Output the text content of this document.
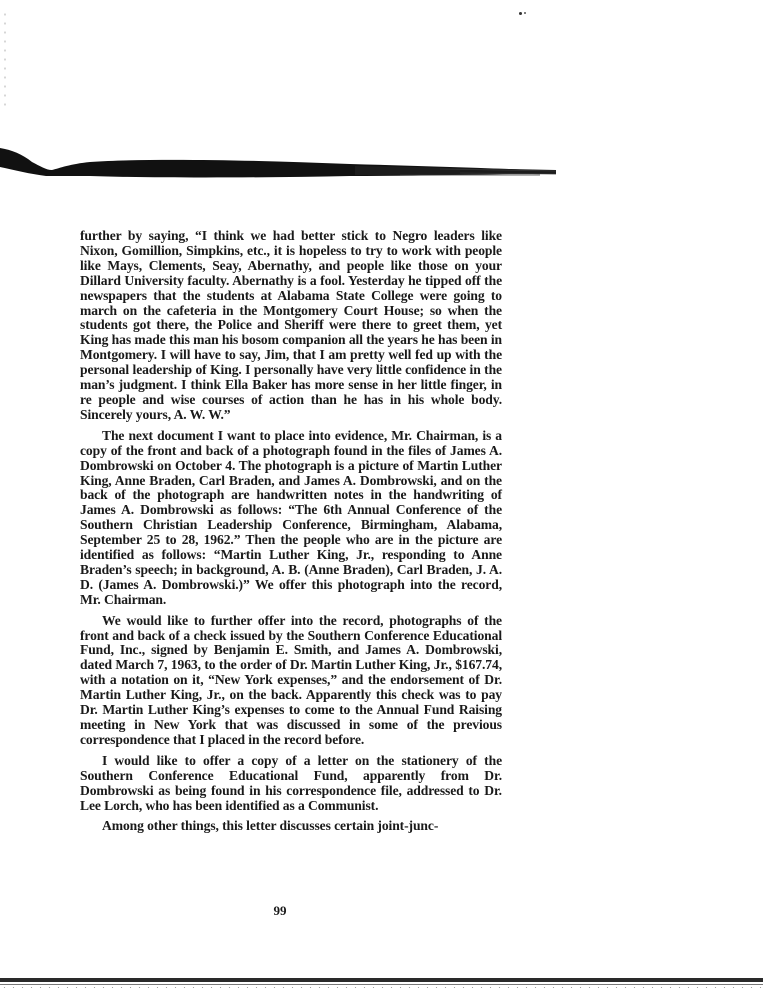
further by saying, “I think we had better stick to Negro leaders like Nixon, Gomillion, Simpkins, etc., it is hopeless to try to work with people like Mays, Clements, Seay, Abernathy, and people like those on your Dillard University faculty. Abernathy is a fool. Yesterday he tipped off the newspapers that the students at Alabama State College were going to march on the cafeteria in the Montgomery Court House; so when the students got there, the Police and Sheriff were there to greet them, yet King has made this man his bosom companion all the years he has been in Montgomery. I will have to say, Jim, that I am pretty well fed up with the personal leadership of King. I personally have very little confidence in the man’s judgment. I think Ella Baker has more sense in her little finger, in re people and wise courses of action than he has in his whole body. Sincerely yours, A. W. W.”

The next document I want to place into evidence, Mr. Chairman, is a copy of the front and back of a photograph found in the files of James A. Dombrowski on October 4. The photograph is a picture of Martin Luther King, Anne Braden, Carl Braden, and James A. Dombrowski, and on the back of the photograph are handwritten notes in the handwriting of James A. Dombrowski as follows: “The 6th Annual Conference of the Southern Christian Leadership Conference, Birmingham, Alabama, September 25 to 28, 1962.” Then the people who are in the picture are identified as follows: “Martin Luther King, Jr., responding to Anne Braden’s speech; in background, A. B. (Anne Braden), Carl Braden, J. A. D. (James A. Dombrowski.)” We offer this photograph into the record, Mr. Chairman.

We would like to further offer into the record, photographs of the front and back of a check issued by the Southern Conference Educational Fund, Inc., signed by Benjamin E. Smith, and James A. Dombrowski, dated March 7, 1963, to the order of Dr. Martin Luther King, Jr., $167.74, with a notation on it, “New York expenses,” and the endorsement of Dr. Martin Luther King, Jr., on the back. Apparently this check was to pay Dr. Martin Luther King’s expenses to come to the Annual Fund Raising meeting in New York that was discussed in some of the previous correspondence that I placed in the record before.

I would like to offer a copy of a letter on the stationery of the Southern Conference Educational Fund, apparently from Dr. Dombrowski as being found in his correspondence file, addressed to Dr. Lee Lorch, who has been identified as a Communist.

Among other things, this letter discusses certain joint-junc-

99
